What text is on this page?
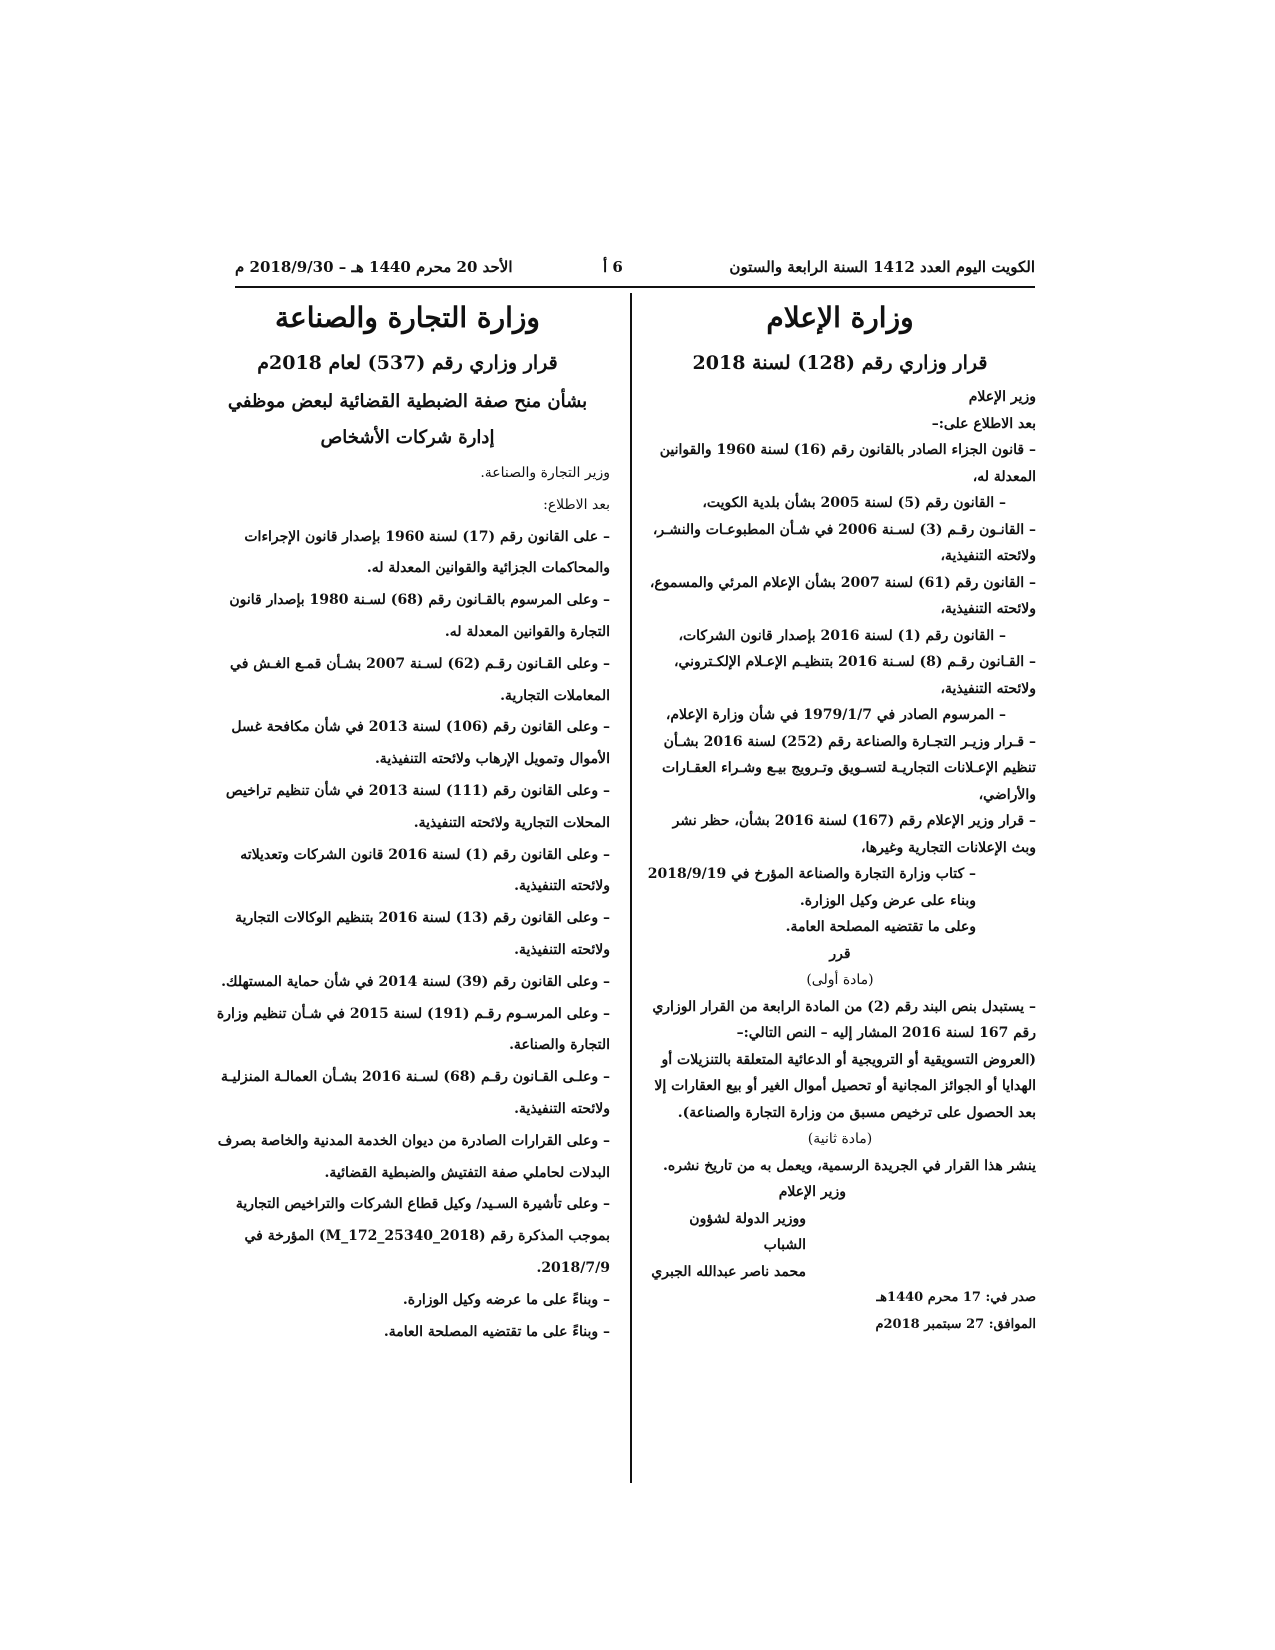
الكويت اليوم العدد 1412 السنة الرابعة والستون
6 أ
الأحد 20 محرم 1440 هـ – 2018/9/30 م
وزارة الإعلام
قرار وزاري رقم (128) لسنة 2018

وزير الإعلام

بعد الاطلاع على:–

– قانون الجزاء الصادر بالقانون رقم (16) لسنة 1960 والقوانين

المعدلة له،

– القانون رقم (5) لسنة 2005 بشأن بلدية الكويت،

– القانـون رقـم (3) لسـنة 2006 في شـأن المطبوعـات والنشـر،

ولائحته التنفيذية،

– القانون رقم (61) لسنة 2007 بشأن الإعلام المرئي والمسموع،

ولائحته التنفيذية،

– القانون رقم (1) لسنة 2016 بإصدار قانون الشركات،

– القـانون رقـم (8) لسـنة 2016 بتنظيـم الإعـلام الإلكـتروني،

ولائحته التنفيذية،

– المرسوم الصادر في 1979/1/7 في شأن وزارة الإعلام،

– قـرار وزيـر التجـارة والصناعة رقم (252) لسنة 2016 بشـأن

تنظيم الإعـلانات التجاريـة لتسـويق وتـرويج بيـع وشـراء العقـارات

والأراضي،

– قرار وزير الإعلام رقم (167) لسنة 2016 بشأن، حظر نشر

وبث الإعلانات التجارية وغيرها،

– كتاب وزارة التجارة والصناعة المؤرخ في 2018/9/19

وبناء على عرض وكيل الوزارة.

وعلى ما تقتضيه المصلحة العامة.

قرر

(مادة أولى)

– يستبدل بنص البند رقم (2) من المادة الرابعة من القرار الوزاري

رقم 167 لسنة 2016 المشار إليه – النص التالي:–

(العروض التسويقية أو الترويجية أو الدعائية المتعلقة بالتنزيلات أو

الهدايا أو الجوائز المجانية أو تحصيل أموال الغير أو بيع العقارات إلا

بعد الحصول على ترخيص مسبق من وزارة التجارة والصناعة).

(مادة ثانية)

ينشر هذا القرار في الجريدة الرسمية، ويعمل به من تاريخ نشره.

وزير الإعلام

ووزير الدولة لشؤون الشباب

محمد ناصر عبدالله الجبري

صدر في: 17 محرم 1440هـ

الموافق: 27 سبتمبر 2018م

وزارة التجارة والصناعة
قرار وزاري رقم (537) لعام 2018م
بشأن منح صفة الضبطية القضائية لبعض موظفي
إدارة شركات الأشخاص

وزير التجارة والصناعة.

بعد الاطلاع:

– على القانون رقم (17) لسنة 1960 بإصدار قانون الإجراءات

والمحاكمات الجزائية والقوانين المعدلة له.

– وعلى المرسوم بالقـانون رقم (68) لسـنة 1980 بإصدار قانون

التجارة والقوانين المعدلة له.

– وعلى القـانون رقـم (62) لسـنة 2007 بشـأن قمـع الغـش في

المعاملات التجارية.

– وعلى القانون رقم (106) لسنة 2013 في شأن مكافحة غسل

الأموال وتمويل الإرهاب ولائحته التنفيذية.

– وعلى القانون رقم (111) لسنة 2013 في شأن تنظيم تراخيص

المحلات التجارية ولائحته التنفيذية.

– وعلى القانون رقم (1) لسنة 2016 قانون الشركات وتعديلاته

ولائحته التنفيذية.

– وعلى القانون رقم (13) لسنة 2016 بتنظيم الوكالات التجارية

ولائحته التنفيذية.

– وعلى القانون رقم (39) لسنة 2014 في شأن حماية المستهلك.

– وعلى المرسـوم رقـم (191) لسنة 2015 في شـأن تنظيم وزارة

التجارة والصناعة.

– وعلـى القـانون رقـم (68) لسـنة 2016 بشـأن العمالـة المنزليـة

ولائحته التنفيذية.

– وعلى القرارات الصادرة من ديوان الخدمة المدنية والخاصة بصرف

البدلات لحاملي صفة التفتيش والضبطية القضائية.

– وعلى تأشيرة السـيد/ وكيل قطاع الشركات والتراخيص التجارية

بموجب المذكرة رقم (M_172_25340_2018) المؤرخة في

2018/7/9.

– وبناءً على ما عرضه وكيل الوزارة.

– وبناءً على ما تقتضيه المصلحة العامة.
